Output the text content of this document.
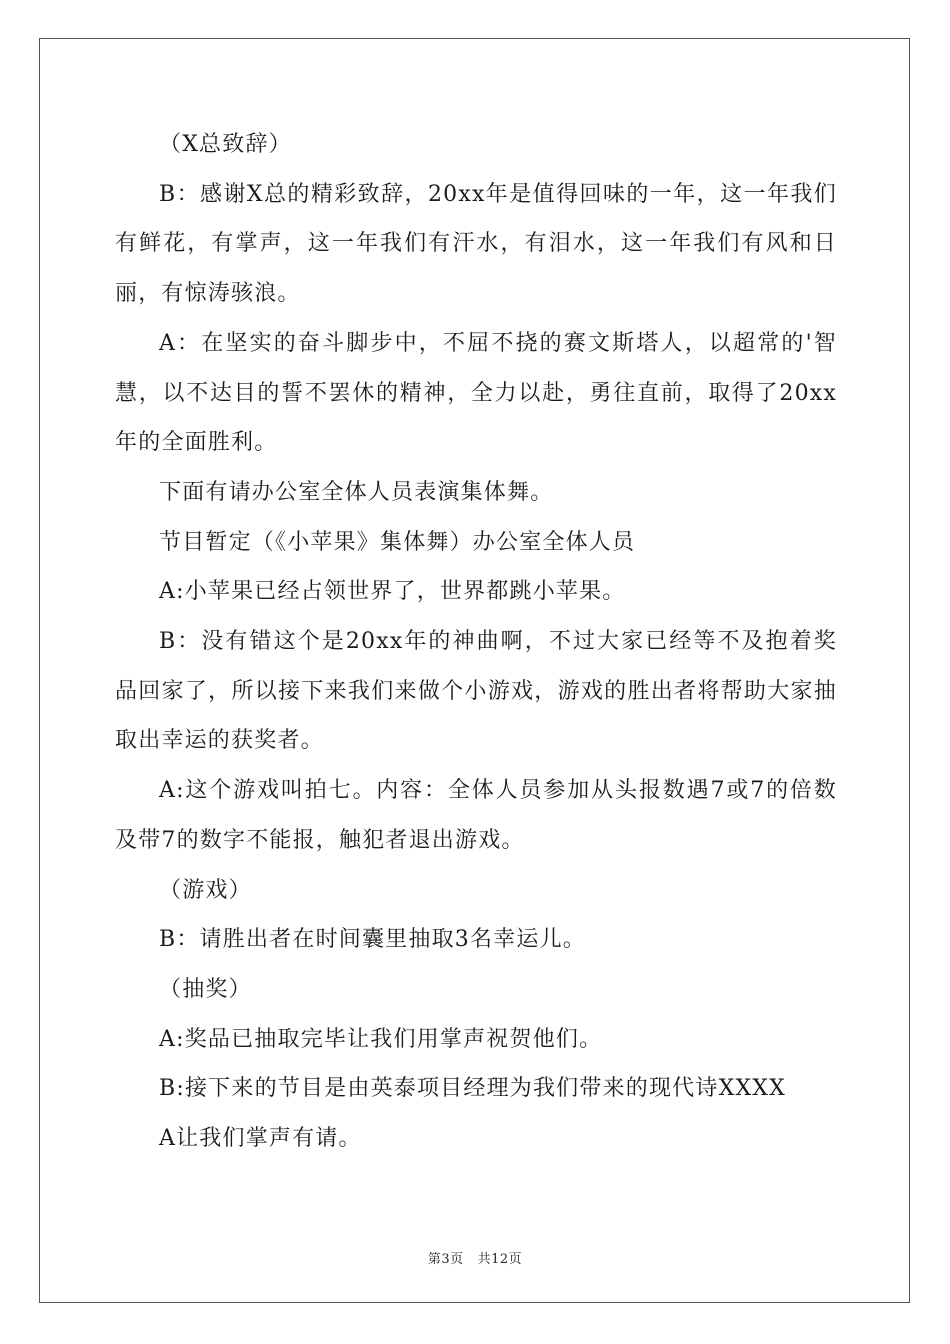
（X总致辞）

B：感谢X总的精彩致辞，20xx年是值得回味的一年，这一年我们有鲜花，有掌声，这一年我们有汗水，有泪水，这一年我们有风和日丽，有惊涛骇浪。

A：在坚实的奋斗脚步中，不屈不挠的赛文斯塔人，以超常的'智慧，以不达目的誓不罢休的精神，全力以赴，勇往直前，取得了20xx年的全面胜利。

下面有请办公室全体人员表演集体舞。

节目暂定（《小苹果》集体舞）办公室全体人员

A:小苹果已经占领世界了，世界都跳小苹果。

B：没有错这个是20xx年的神曲啊，不过大家已经等不及抱着奖品回家了，所以接下来我们来做个小游戏，游戏的胜出者将帮助大家抽取出幸运的获奖者。

A:这个游戏叫拍七。内容：全体人员参加从头报数遇7或7的倍数及带7的数字不能报，触犯者退出游戏。

（游戏）

B：请胜出者在时间囊里抽取3名幸运儿。

（抽奖）

A:奖品已抽取完毕让我们用掌声祝贺他们。

B:接下来的节目是由英泰项目经理为我们带来的现代诗XXXX

A让我们掌声有请。

第3页 共12页
